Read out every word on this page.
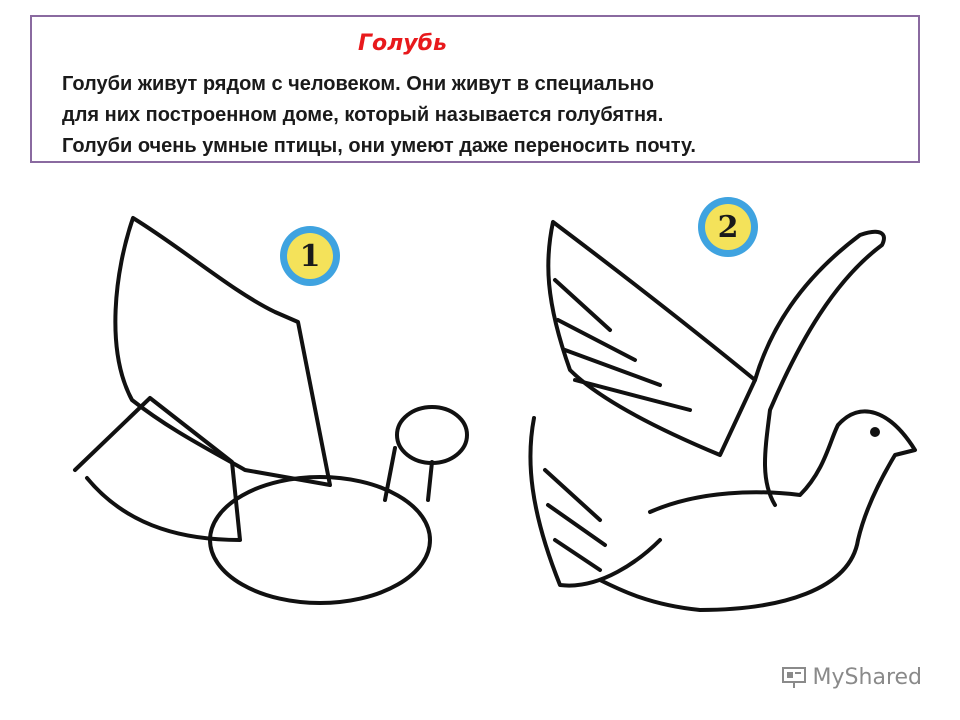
Голубь
Голуби живут рядом с человеком. Они живут в специально
для них построенном доме, который называется голубятня.
Голуби очень умные птицы, они умеют даже переносить почту.
1
2
MyShared
